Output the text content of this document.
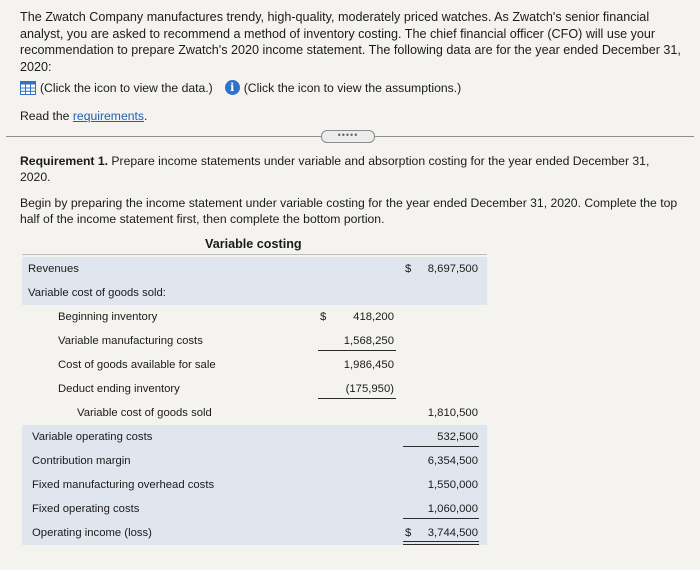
The Zwatch Company manufactures trendy, high-quality, moderately priced watches. As Zwatch's senior financial analyst, you are asked to recommend a method of inventory costing. The chief financial officer (CFO) will use your recommendation to prepare Zwatch's 2020 income statement. The following data are for the year ended December 31, 2020:
(Click the icon to view the data.)	i (Click the icon to view the assumptions.)
Read the requirements.
•••••
Requirement 1. Prepare income statements under variable and absorption costing for the year ended December 31, 2020.
Begin by preparing the income statement under variable costing for the year ended December 31, 2020. Complete the top half of the income statement first, then complete the bottom portion.
Variable costing
Revenues	$	8,697,500
Variable cost of goods sold:
Beginning inventory	$	418,200
Variable manufacturing costs	1,568,250
Cost of goods available for sale	1,986,450
Deduct ending inventory	(175,950)
Variable cost of goods sold	1,810,500
Variable operating costs	532,500
Contribution margin	6,354,500
Fixed manufacturing overhead costs	1,550,000
Fixed operating costs	1,060,000
Operating income (loss)	$	3,744,500
